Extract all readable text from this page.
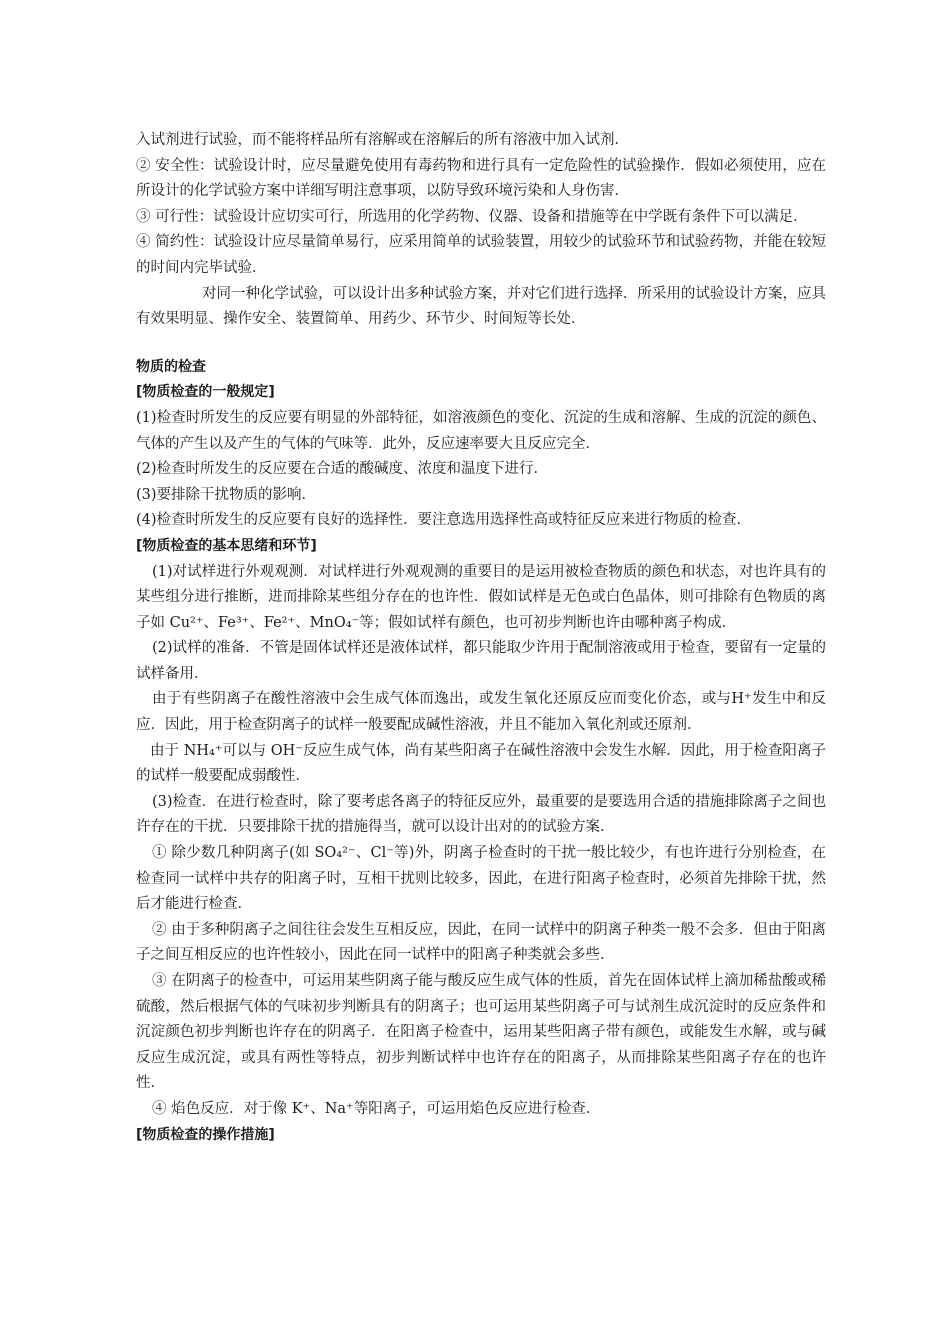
入试剂进行试验，而不能将样品所有溶解或在溶解后的所有溶液中加入试剂．

② 安全性：试验设计时，应尽量避免使用有毒药物和进行具有一定危险性的试验操作．假如必须使用，应在所设计的化学试验方案中详细写明注意事项，以防导致环境污染和人身伤害．

③ 可行性：试验设计应切实可行，所选用的化学药物、仪器、设备和措施等在中学既有条件下可以满足．

④ 简约性：试验设计应尽量简单易行，应采用简单的试验装置，用较少的试验环节和试验药物，并能在较短的时间内完毕试验．

对同一种化学试验，可以设计出多种试验方案，并对它们进行选择．所采用的试验设计方案，应具有效果明显、操作安全、装置简单、用药少、环节少、时间短等长处．

物质的检查

[物质检查的一般规定]

(1)检查时所发生的反应要有明显的外部特征，如溶液颜色的变化、沉淀的生成和溶解、生成的沉淀的颜色、气体的产生以及产生的气体的气味等．此外，反应速率要大且反应完全．

(2)检查时所发生的反应要在合适的酸碱度、浓度和温度下进行．

(3)要排除干扰物质的影响．

(4)检查时所发生的反应要有良好的选择性．要注意选用选择性高或特征反应来进行物质的检查．

[物质检查的基本思绪和环节]

(1)对试样进行外观观测．对试样进行外观观测的重要目的是运用被检查物质的颜色和状态，对也许具有的某些组分进行推断，进而排除某些组分存在的也许性．假如试样是无色或白色晶体，则可排除有色物质的离子如 Cu²⁺、Fe³⁺、Fe²⁺、MnO₄⁻等；假如试样有颜色，也可初步判断也许由哪种离子构成．

(2)试样的准备．不管是固体试样还是液体试样，都只能取少许用于配制溶液或用于检查，要留有一定量的试样备用．

由于有些阴离子在酸性溶液中会生成气体而逸出，或发生氧化还原反应而变化价态，或与H⁺发生中和反应．因此，用于检查阴离子的试样一般要配成碱性溶液，并且不能加入氧化剂或还原剂．

由于 NH₄⁺可以与 OH⁻反应生成气体，尚有某些阳离子在碱性溶液中会发生水解．因此，用于检查阳离子的试样一般要配成弱酸性．

(3)检查．在进行检查时，除了要考虑各离子的特征反应外，最重要的是要选用合适的措施排除离子之间也许存在的干扰．只要排除干扰的措施得当，就可以设计出对的的试验方案．

① 除少数几种阴离子(如 SO₄²⁻、Cl⁻等)外，阴离子检查时的干扰一般比较少，有也许进行分别检查，在检查同一试样中共存的阳离子时，互相干扰则比较多，因此，在进行阳离子检查时，必须首先排除干扰，然后才能进行检查．

② 由于多种阴离子之间往往会发生互相反应，因此，在同一试样中的阴离子种类一般不会多．但由于阳离子之间互相反应的也许性较小，因此在同一试样中的阳离子种类就会多些．

③ 在阴离子的检查中，可运用某些阴离子能与酸反应生成气体的性质，首先在固体试样上滴加稀盐酸或稀硫酸，然后根据气体的气味初步判断具有的阴离子；也可运用某些阴离子可与试剂生成沉淀时的反应条件和沉淀颜色初步判断也许存在的阴离子．在阳离子检查中，运用某些阳离子带有颜色，或能发生水解，或与碱反应生成沉淀，或具有两性等特点，初步判断试样中也许存在的阳离子，从而排除某些阳离子存在的也许性．

④ 焰色反应．对于像 K⁺、Na⁺等阳离子，可运用焰色反应进行检查．

[物质检查的操作措施]
